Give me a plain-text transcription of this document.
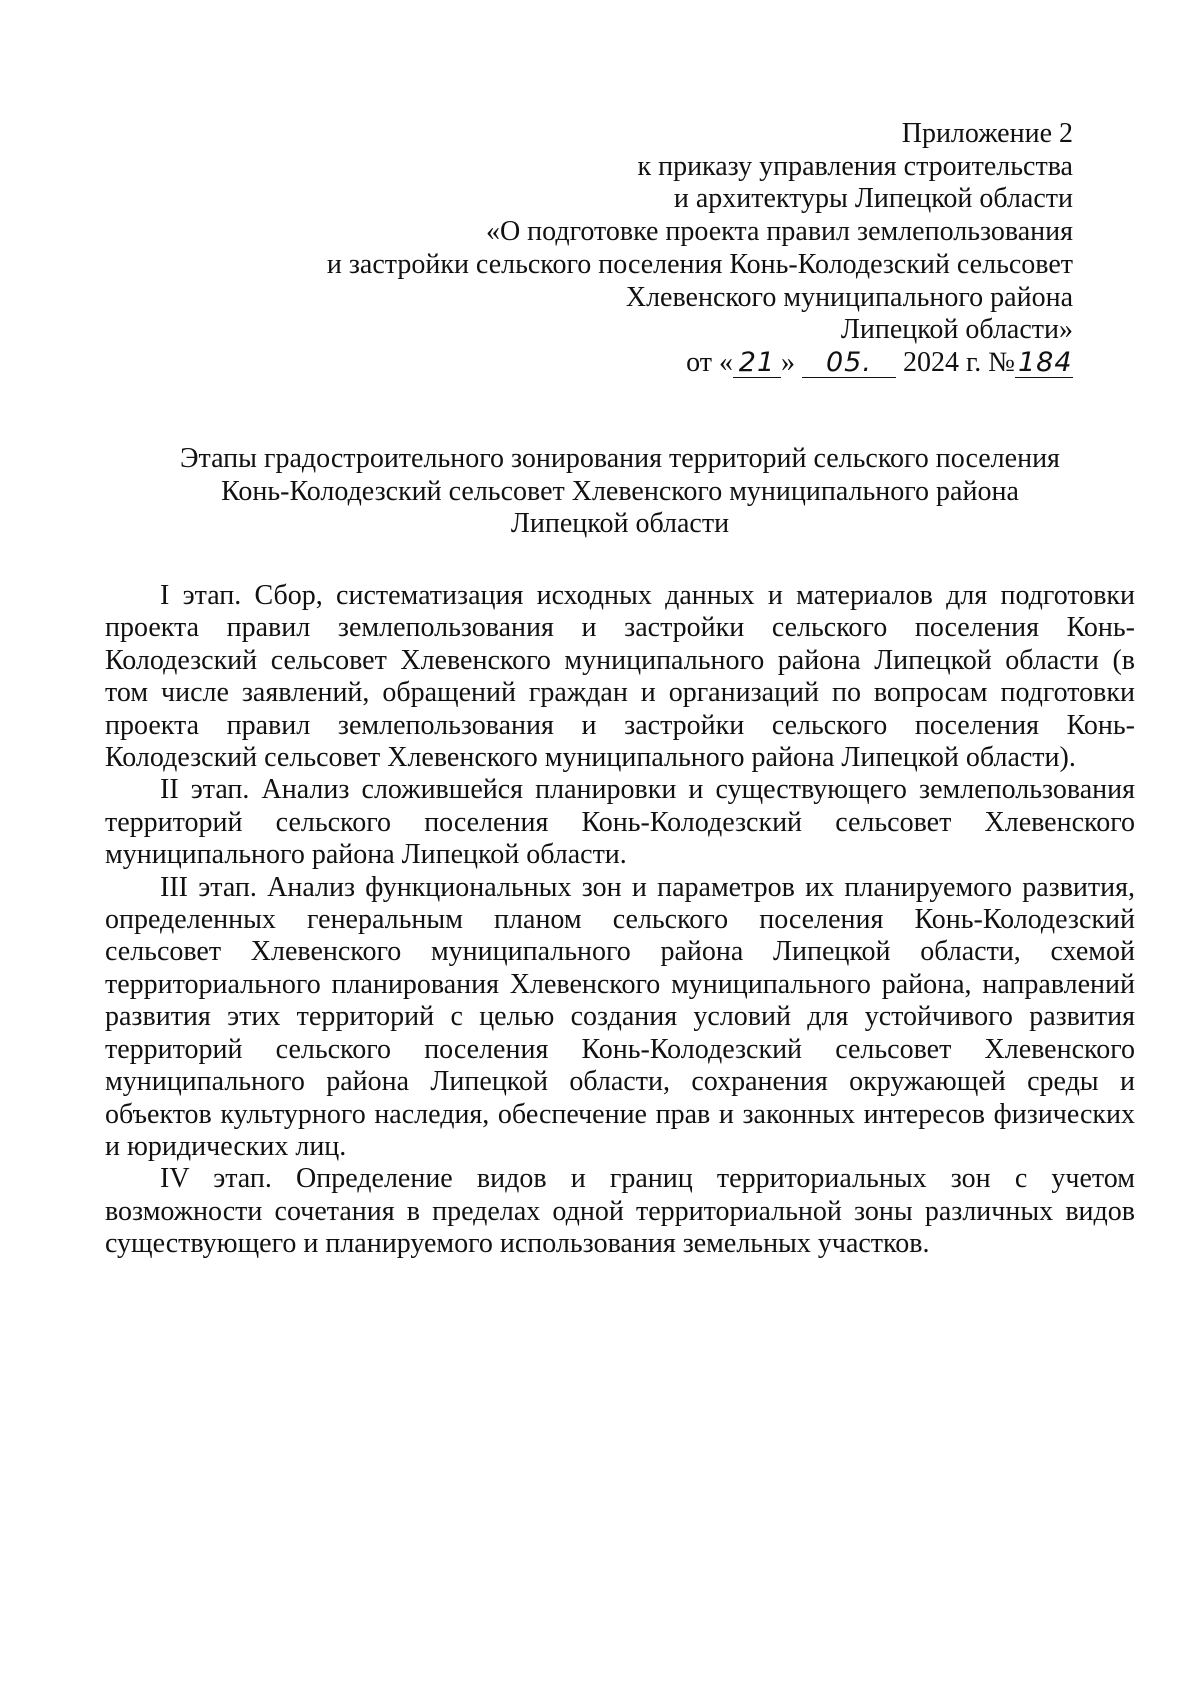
Приложение 2
к приказу управления строительства
и архитектуры Липецкой области
«О подготовке проекта правил землепользования
и застройки сельского поселения Конь-Колодезский сельсовет
Хлевенского муниципального района
Липецкой области»
от « 21 » 05. 2024 г. № 184
Этапы градостроительного зонирования территорий сельского поселения
Конь-Колодезский сельсовет Хлевенского муниципального района
Липецкой области

I этап. Сбор, систематизация исходных данных и материалов для подготовки проекта правил землепользования и застройки сельского поселения Конь-Колодезский сельсовет Хлевенского муниципального района Липецкой области (в том числе заявлений, обращений граждан и организаций по вопросам подготовки проекта правил землепользования и застройки сельского поселения Конь-Колодезский сельсовет Хлевенского муниципального района Липецкой области).

II этап. Анализ сложившейся планировки и существующего землепользования территорий сельского поселения Конь-Колодезский сельсовет Хлевенского муниципального района Липецкой области.

III этап. Анализ функциональных зон и параметров их планируемого развития, определенных генеральным планом сельского поселения Конь-Колодезский сельсовет Хлевенского муниципального района Липецкой области, схемой территориального планирования Хлевенского муниципального района, направлений развития этих территорий с целью создания условий для устойчивого развития территорий сельского поселения Конь-Колодезский сельсовет Хлевенского муниципального района Липецкой области, сохранения окружающей среды и объектов культурного наследия, обеспечение прав и законных интересов физических и юридических лиц.

IV этап. Определение видов и границ территориальных зон с учетом возможности сочетания в пределах одной территориальной зоны различных видов существующего и планируемого использования земельных участков.
